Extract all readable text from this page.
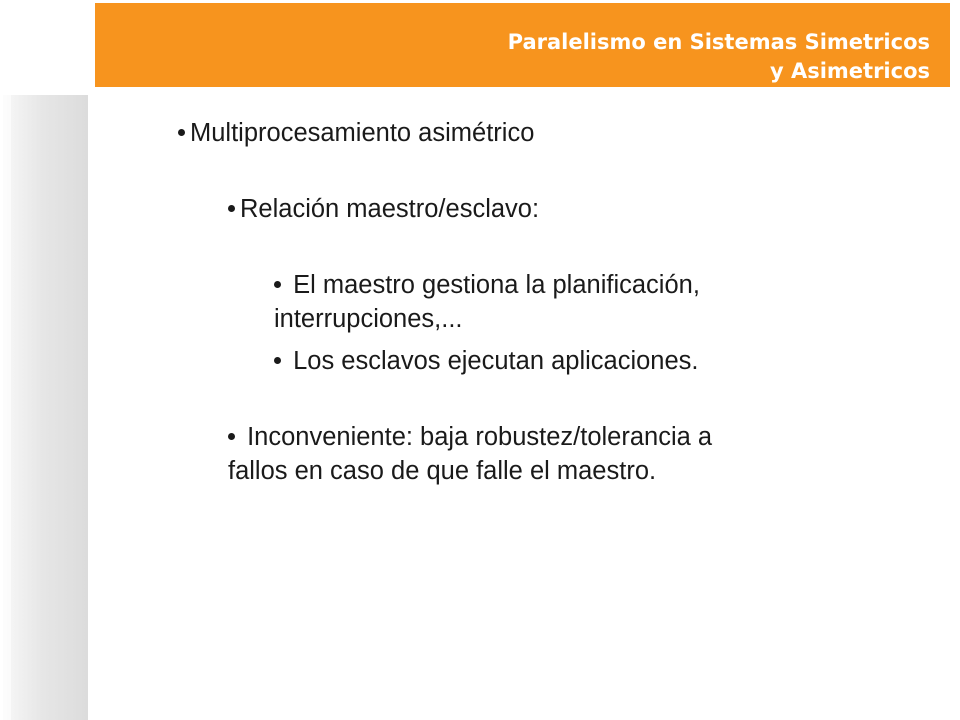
Paralelismo en Sistemas Simetricos
y Asimetricos

Multiprocesamiento asimétrico

Relación maestro/esclavo:

El maestro gestiona la planificación,
interrupciones,...

Los esclavos ejecutan aplicaciones.

Inconveniente: baja robustez/tolerancia a
fallos en caso de que falle el maestro.
